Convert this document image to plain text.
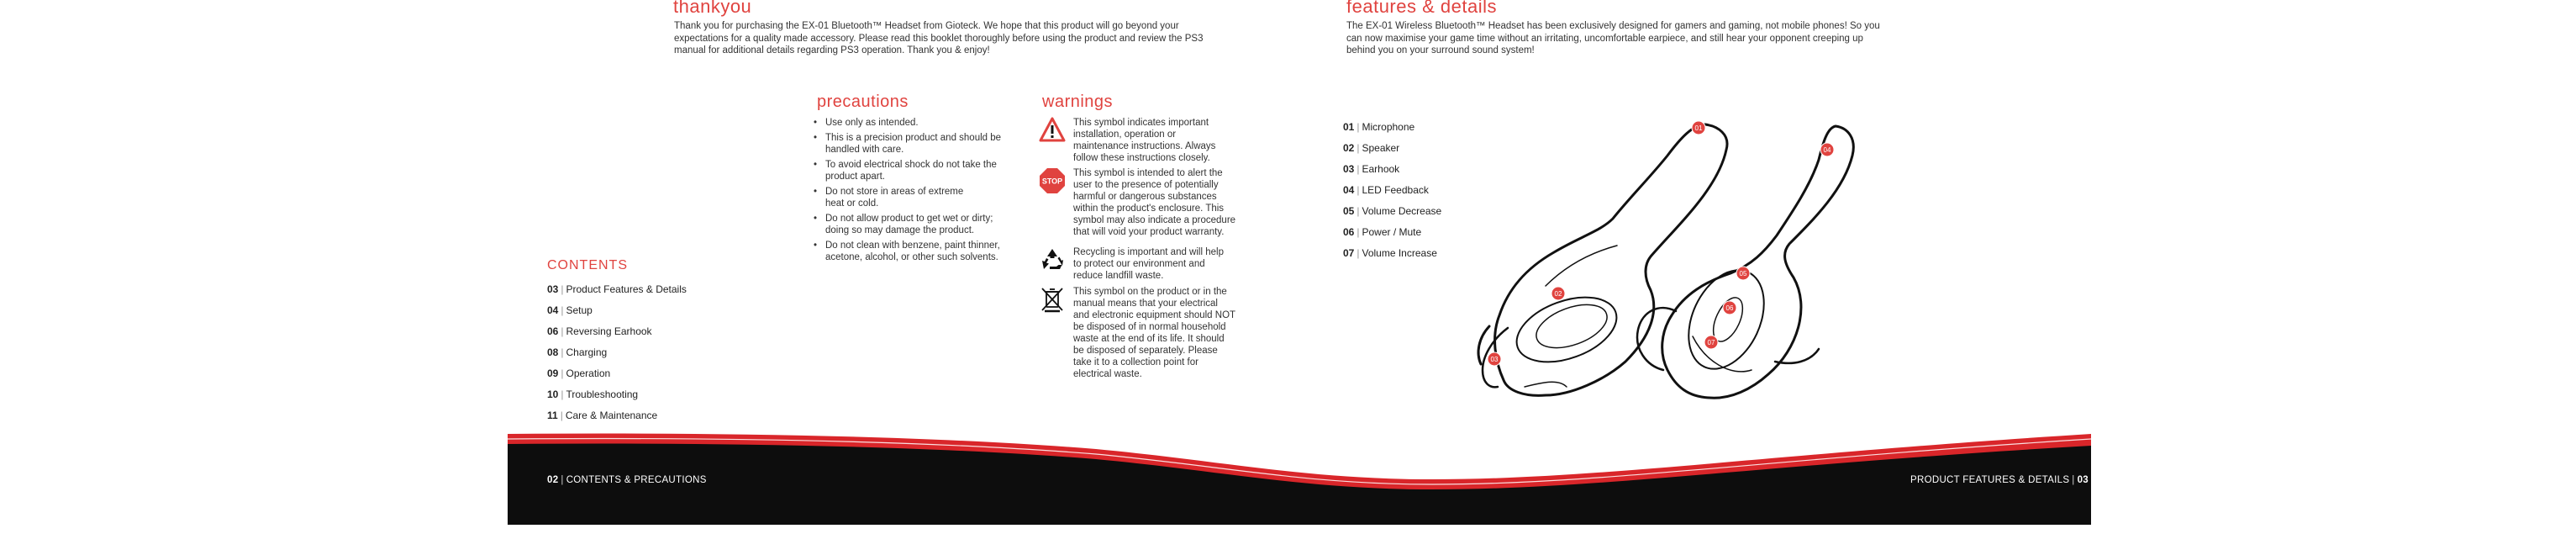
thankyou
Thank you for purchasing the EX-01 Bluetooth™ Headset from Gioteck. We hope that this product will go beyond your
expectations for a quality made accessory. Please read this booklet thoroughly before using the product and review the PS3
manual for additional details regarding PS3 operation. Thank you & enjoy!
features & details
The EX-01 Wireless Bluetooth™ Headset has been exclusively designed for gamers and gaming, not mobile phones! So you
can now maximise your game time without an irritating, uncomfortable earpiece, and still hear your opponent creeping up
behind you on your surround sound system!
precautions	warnings
01
02
03
04
05
06
07
• Use only as intended.
• This is a precision product and should be
handled with care.
• To avoid electrical shock do not take the
product apart.
• Do not store in areas of extreme
heat or cold.
• Do not allow product to get wet or dirty;
doing so may damage the product.
• Do not clean with benzene, paint thinner,
acetone, alcohol, or other such solvents.
This symbol indicates important
installation, operation or
maintenance instructions. Always
follow these instructions closely.
STOP
This symbol is intended to alert the
user to the presence of potentially
harmful or dangerous substances
within the product's enclosure. This
symbol may also indicate a procedure
that will void your product warranty.
Recycling is important and will help
to protect our environment and
reduce landfill waste.
This symbol on the product or in the
manual means that your electrical
and electronic equipment should NOT
be disposed of in normal household
waste at the end of its life. It should
be disposed of separately. Please
take it to a collection point for
electrical waste.
CONTENTS
03 | Product Features & Details
04 | Setup
06 | Reversing Earhook
08 | Charging
09 | Operation
10 | Troubleshooting
11 | Care & Maintenance
01 | Microphone
02 | Speaker
03 | Earhook
04 | LED Feedback
05 | Volume Decrease
06 | Power / Mute
07 | Volume Increase
02 | CONTENTS & PRECAUTIONS	PRODUCT FEATURES & DETAILS | 03
